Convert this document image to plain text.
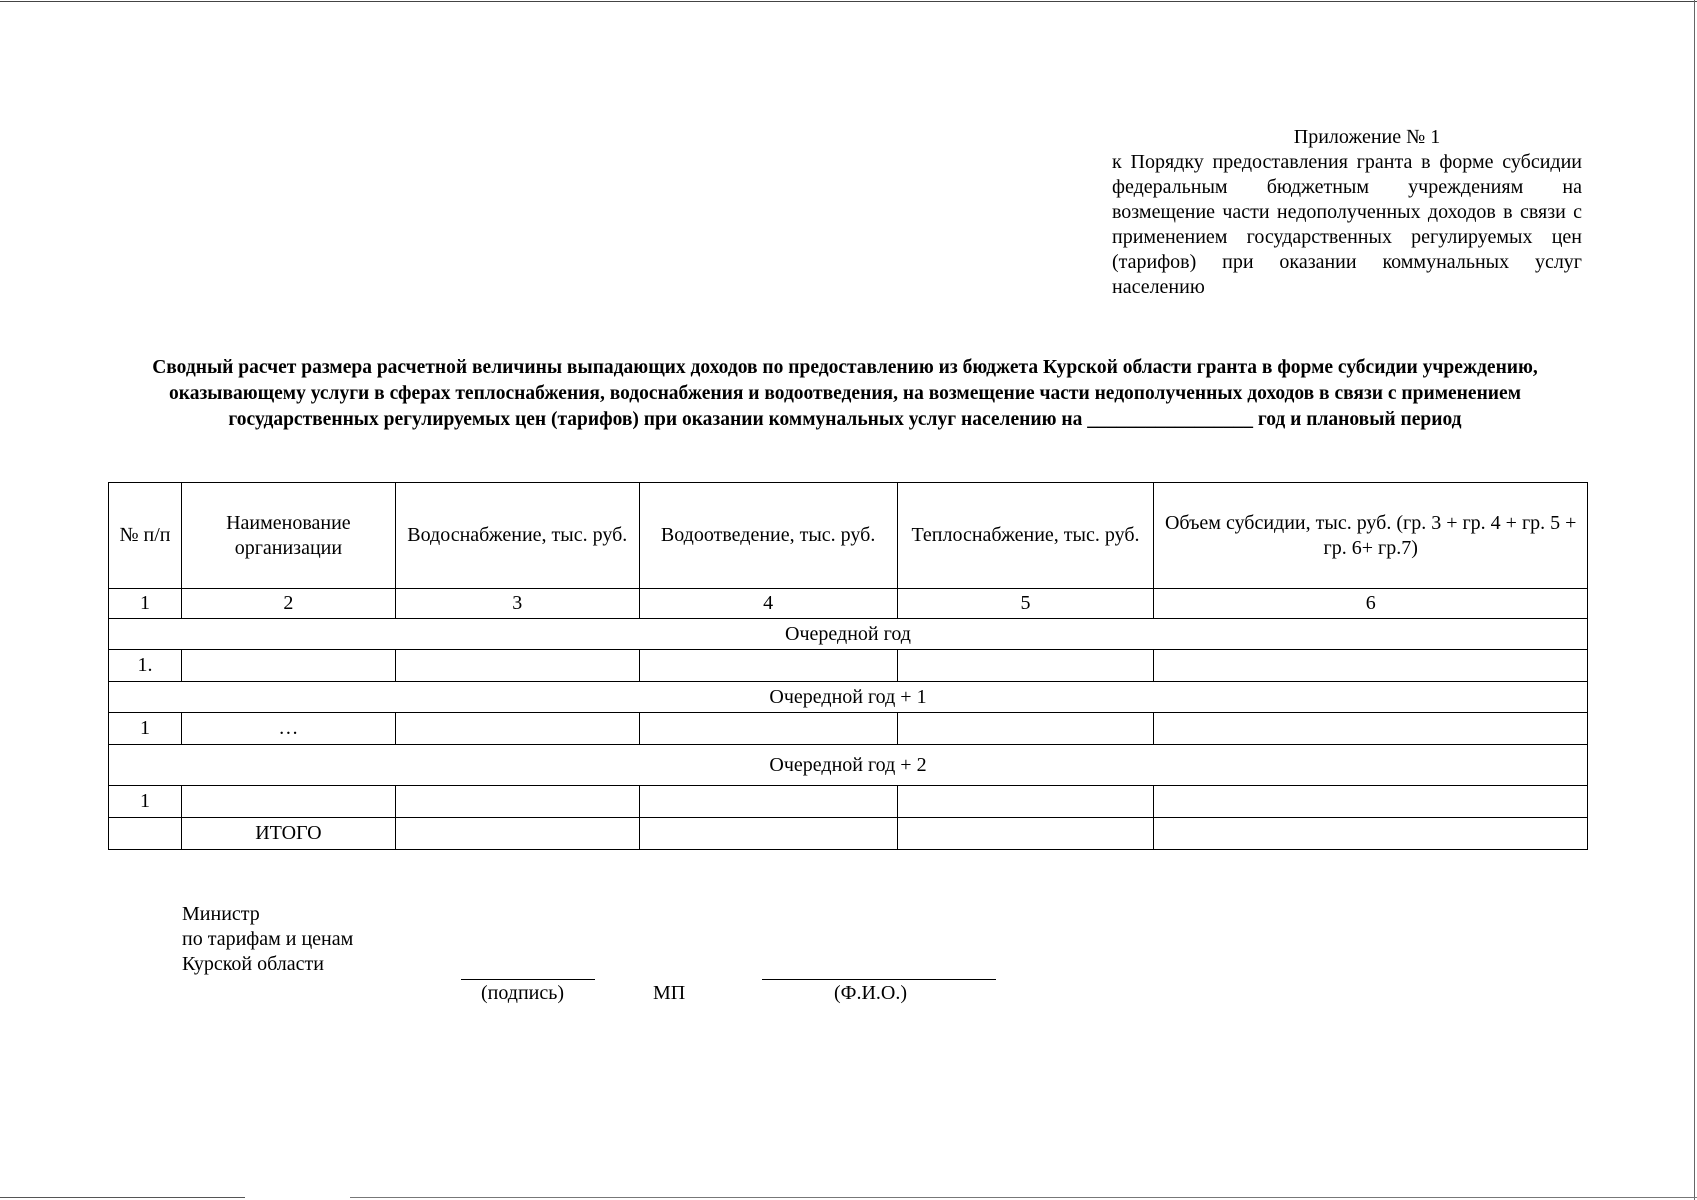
Приложение № 1
к Порядку предоставления гранта в форме субсидии федеральным бюджетным учреждениям на возмещение части недополученных доходов в связи с применением государственных регулируемых цен (тарифов) при оказании коммунальных услуг населению
Сводный расчет размера расчетной величины выпадающих доходов по предоставлению из бюджета Курской области гранта в форме субсидии учреждению, оказывающему услуги в сферах теплоснабжения, водоснабжения и водоотведения, на возмещение части недополученных доходов в связи с применением государственных регулируемых цен (тарифов) при оказании коммунальных услуг населению на _________________ год и плановый период
№ п/п	Наименование организации	Водоснабжение, тыс. руб.	Водоотведение, тыс. руб.	Теплоснабжение, тыс. руб.	Объем субсидии, тыс. руб. (гр. 3 + гр. 4 + гр. 5 + гр. 6+ гр.7)
1	2	3	4	5	6
Очередной год					
1.					
Очередной год + 1					
1	…				
Очередной год + 2					
1					
	ИТОГО				
Министр
по тарифам и ценам
Курской области
(подпись)	МП	(Ф.И.О.)
